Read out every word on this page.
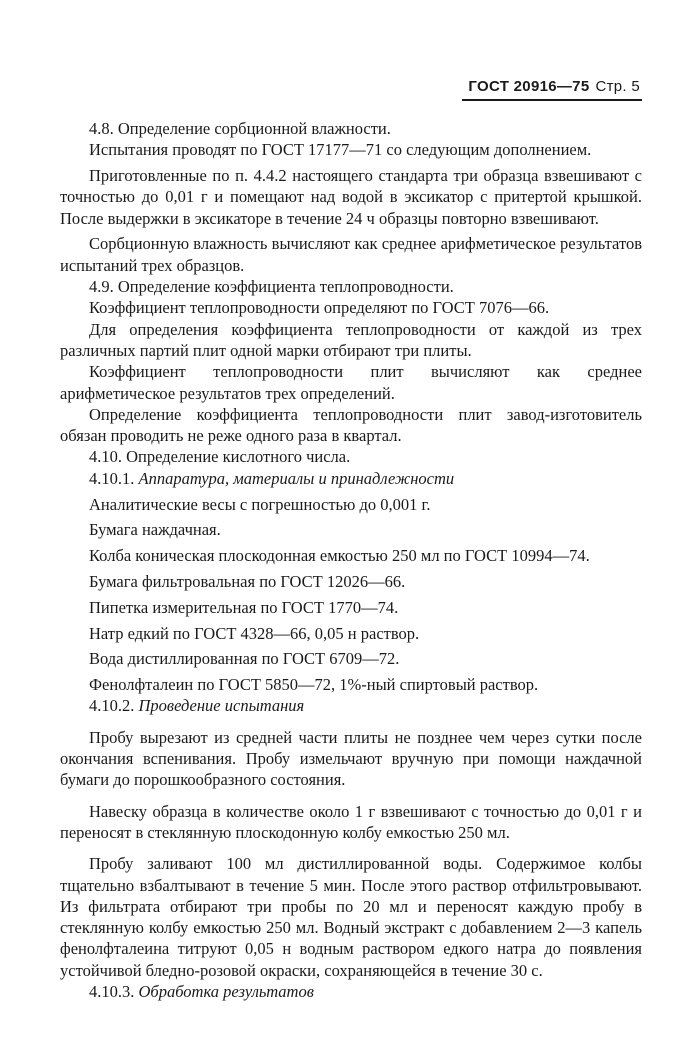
ГОСТ 20916—75 Стр. 5

4.8. Определение сорбционной влажности.

Испытания проводят по ГОСТ 17177—71 со следующим дополнением.

Приготовленные по п. 4.4.2 настоящего стандарта три образца взвешивают с точностью до 0,01 г и помещают над водой в эксикатор с притертой крышкой. После выдержки в эксикаторе в течение 24 ч образцы повторно взвешивают.

Сорбционную влажность вычисляют как среднее арифметическое результатов испытаний трех образцов.

4.9. Определение коэффициента теплопроводности.

Коэффициент теплопроводности определяют по ГОСТ 7076—66.

Для определения коэффициента теплопроводности от каждой из трех различных партий плит одной марки отбирают три плиты.

Коэффициент теплопроводности плит вычисляют как среднее арифметическое результатов трех определений.

Определение коэффициента теплопроводности плит завод-изготовитель обязан проводить не реже одного раза в квартал.

4.10. Определение кислотного числа.

4.10.1. Аппаратура, материалы и принадлежности

Аналитические весы с погрешностью до 0,001 г.

Бумага наждачная.

Колба коническая плоскодонная емкостью 250 мл по ГОСТ 10994—74.

Бумага фильтровальная по ГОСТ 12026—66.

Пипетка измерительная по ГОСТ 1770—74.

Натр едкий по ГОСТ 4328—66, 0,05 н раствор.

Вода дистиллированная по ГОСТ 6709—72.

Фенолфталеин по ГОСТ 5850—72, 1%-ный спиртовый раствор.

4.10.2. Проведение испытания

Пробу вырезают из средней части плиты не позднее чем через сутки после окончания вспенивания. Пробу измельчают вручную при помощи наждачной бумаги до порошкообразного состояния.

Навеску образца в количестве около 1 г взвешивают с точностью до 0,01 г и переносят в стеклянную плоскодонную колбу емкостью 250 мл.

Пробу заливают 100 мл дистиллированной воды. Содержимое колбы тщательно взбалтывают в течение 5 мин. После этого раствор отфильтровывают. Из фильтрата отбирают три пробы по 20 мл и переносят каждую пробу в стеклянную колбу емкостью 250 мл. Водный экстракт с добавлением 2—3 капель фенолфталеина титруют 0,05 н водным раствором едкого натра до появления устойчивой бледно-розовой окраски, сохраняющейся в течение 30 с.

4.10.3. Обработка результатов
